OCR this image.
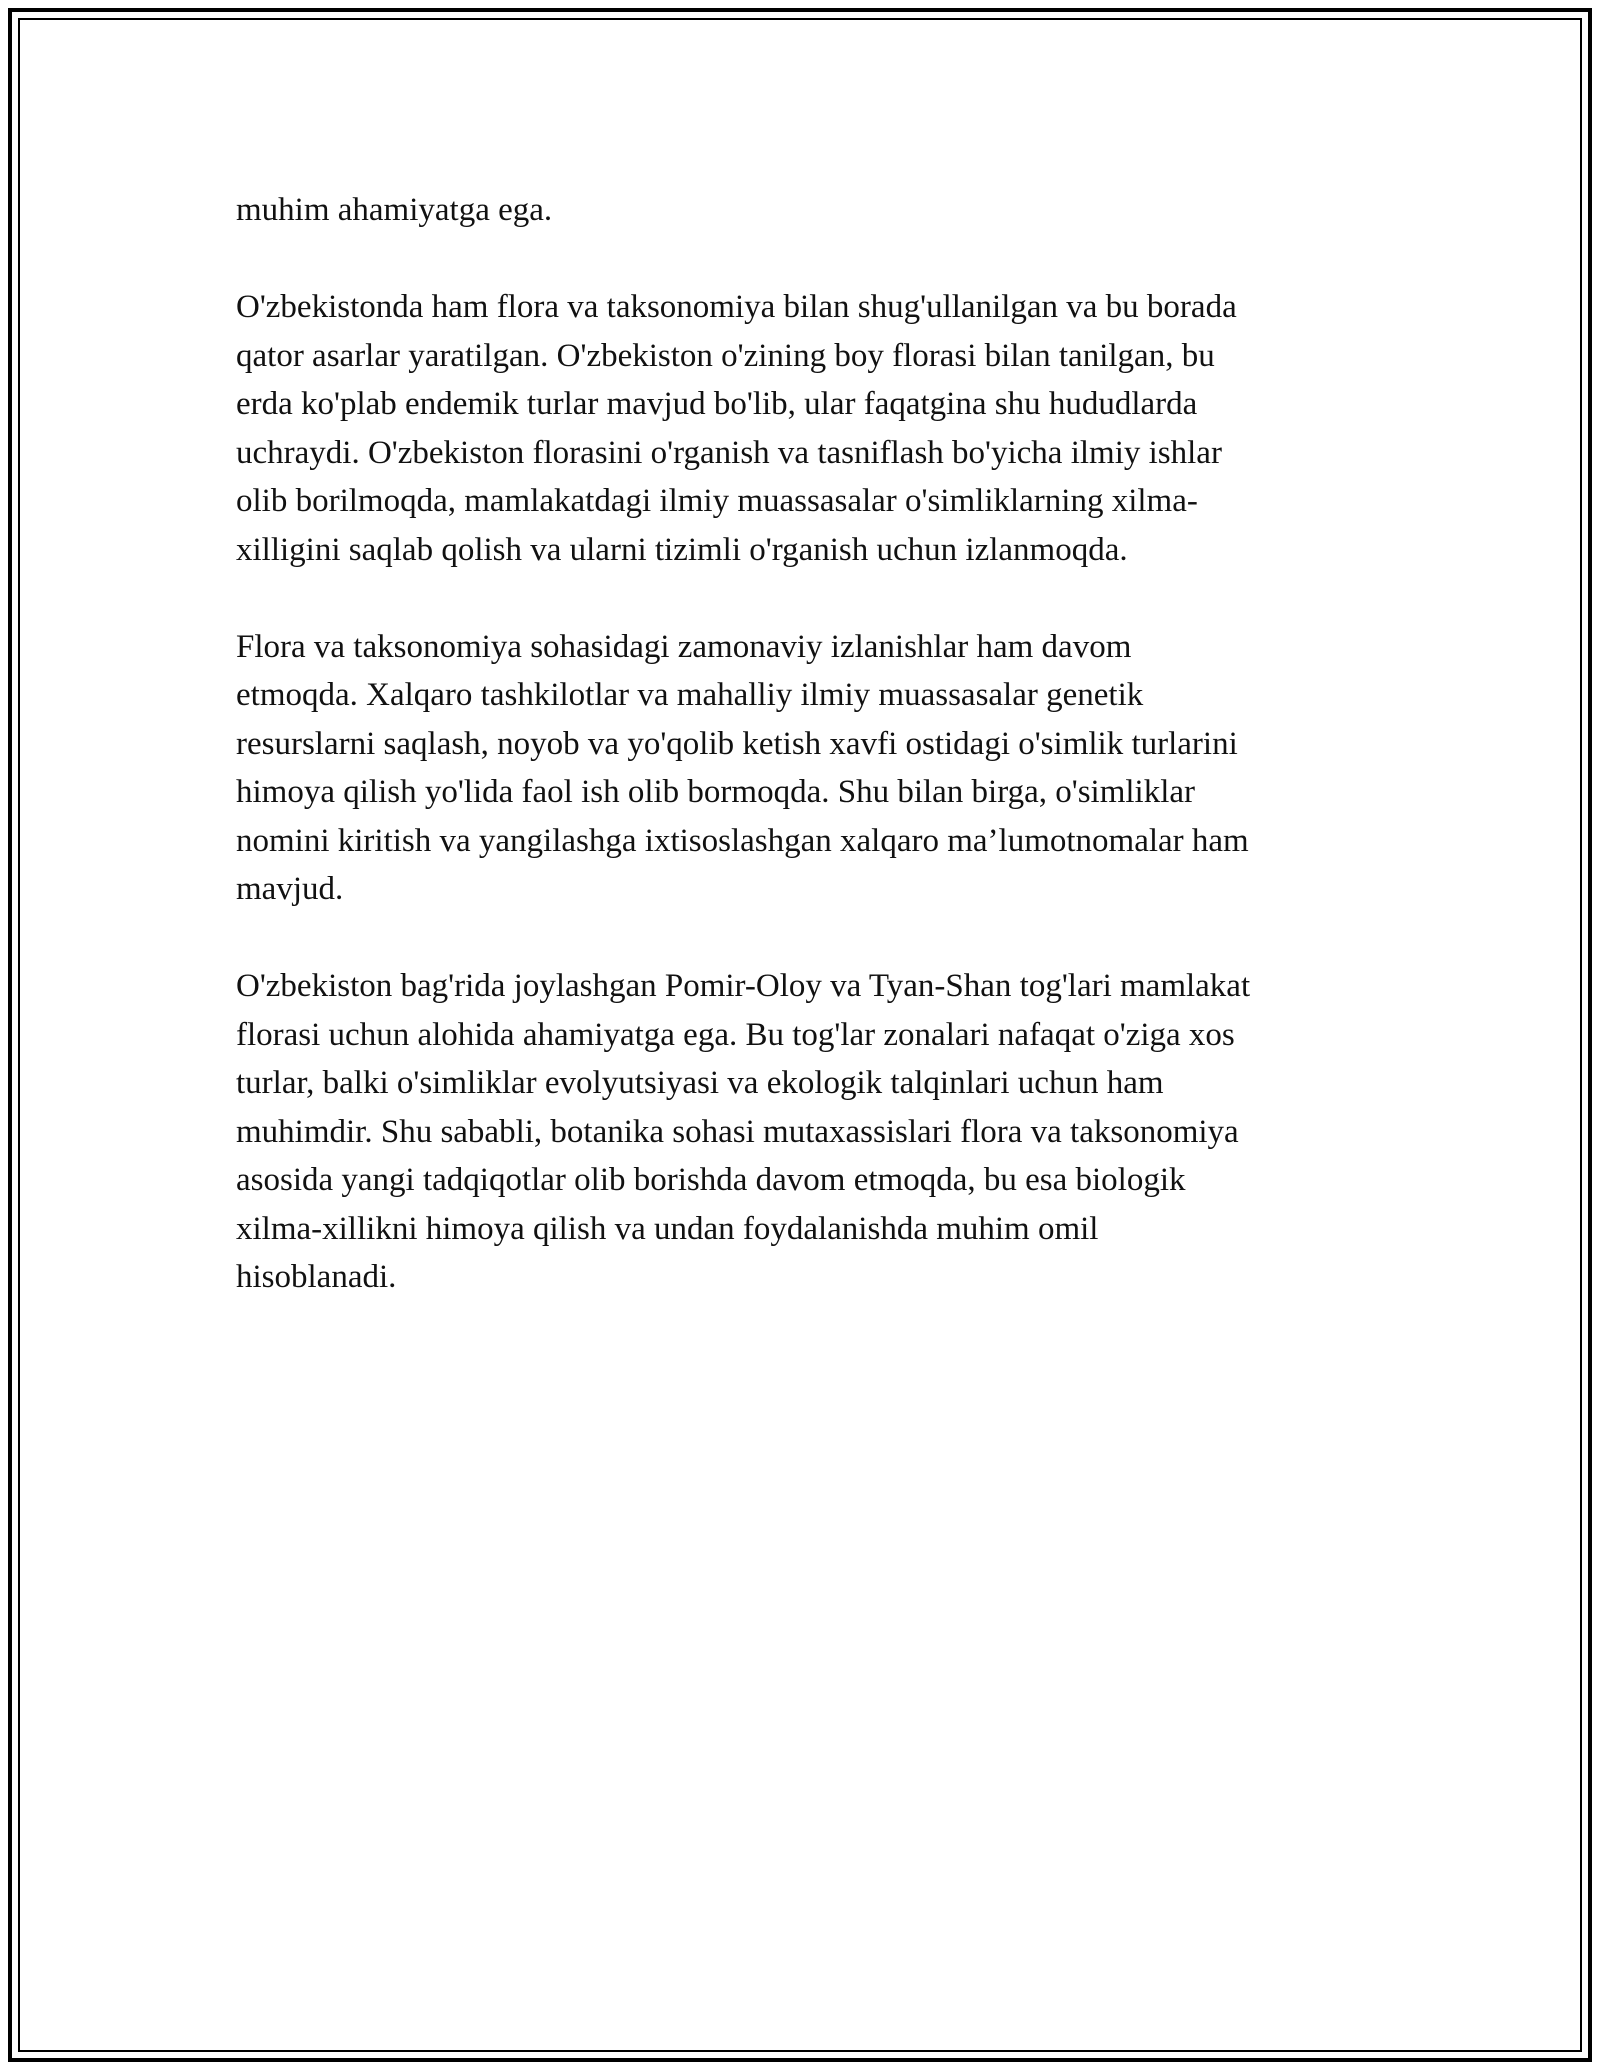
muhim ahamiyatga ega.

O'zbekistonda ham flora va taksonomiya bilan shug'ullanilgan va bu borada
qator asarlar yaratilgan. O'zbekiston o'zining boy florasi bilan tanilgan, bu
erda ko'plab endemik turlar mavjud bo'lib, ular faqatgina shu hududlarda
uchraydi. O'zbekiston florasini o'rganish va tasniflash bo'yicha ilmiy ishlar
olib borilmoqda, mamlakatdagi ilmiy muassasalar o'simliklarning xilma-
xilligini saqlab qolish va ularni tizimli o'rganish uchun izlanmoqda.

Flora va taksonomiya sohasidagi zamonaviy izlanishlar ham davom
etmoqda. Xalqaro tashkilotlar va mahalliy ilmiy muassasalar genetik
resurslarni saqlash, noyob va yo'qolib ketish xavfi ostidagi o'simlik turlarini
himoya qilish yo'lida faol ish olib bormoqda. Shu bilan birga, o'simliklar
nomini kiritish va yangilashga ixtisoslashgan xalqaro ma’lumotnomalar ham
mavjud.

O'zbekiston bag'rida joylashgan Pomir-Oloy va Tyan-Shan tog'lari mamlakat
florasi uchun alohida ahamiyatga ega. Bu tog'lar zonalari nafaqat o'ziga xos
turlar, balki o'simliklar evolyutsiyasi va ekologik talqinlari uchun ham
muhimdir. Shu sababli, botanika sohasi mutaxassislari flora va taksonomiya
asosida yangi tadqiqotlar olib borishda davom etmoqda, bu esa biologik
xilma-xillikni himoya qilish va undan foydalanishda muhim omil
hisoblanadi.
